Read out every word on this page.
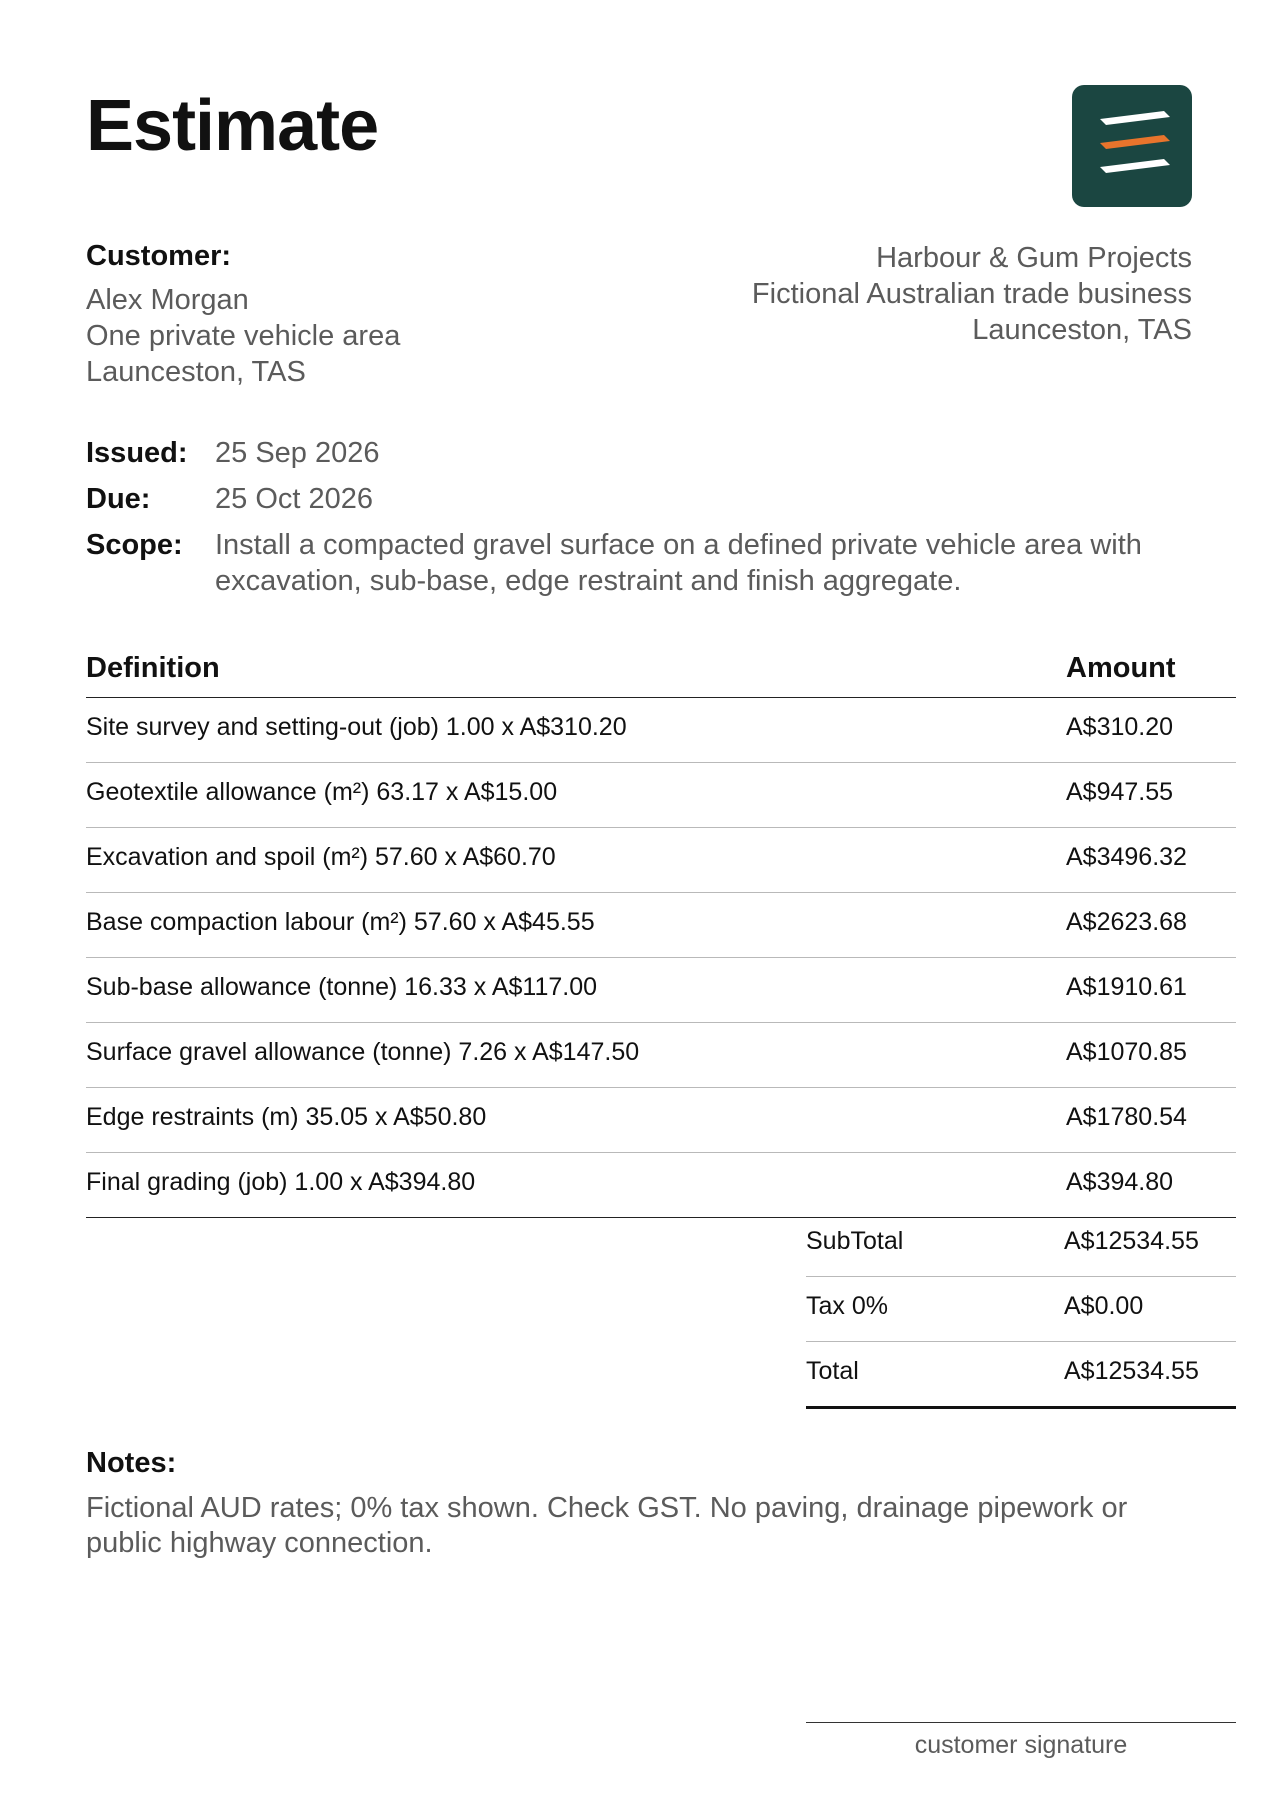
Estimate
Customer:
Alex Morgan
One private vehicle area
Launceston, TAS
Harbour & Gum Projects
Fictional Australian trade business
Launceston, TAS
Issued: 25 Sep 2026
Due:	25 Oct 2026
Scope:	Install a compacted gravel surface on a defined private vehicle area with excavation, sub-base, edge restraint and finish aggregate.
Definition	Amount
Site survey and setting-out (job) 1.00 x A$310.20	A$310.20
Geotextile allowance (m²) 63.17 x A$15.00	A$947.55
Excavation and spoil (m²) 57.60 x A$60.70	A$3496.32
Base compaction labour (m²) 57.60 x A$45.55	A$2623.68
Sub-base allowance (tonne) 16.33 x A$117.00	A$1910.61
Surface gravel allowance (tonne) 7.26 x A$147.50	A$1070.85
Edge restraints (m) 35.05 x A$50.80	A$1780.54
Final grading (job) 1.00 x A$394.80	A$394.80
SubTotal	A$12534.55
Tax 0%	A$0.00
Total	A$12534.55
Notes:
Fictional AUD rates; 0% tax shown. Check GST. No paving, drainage pipework or public highway connection.
customer signature
